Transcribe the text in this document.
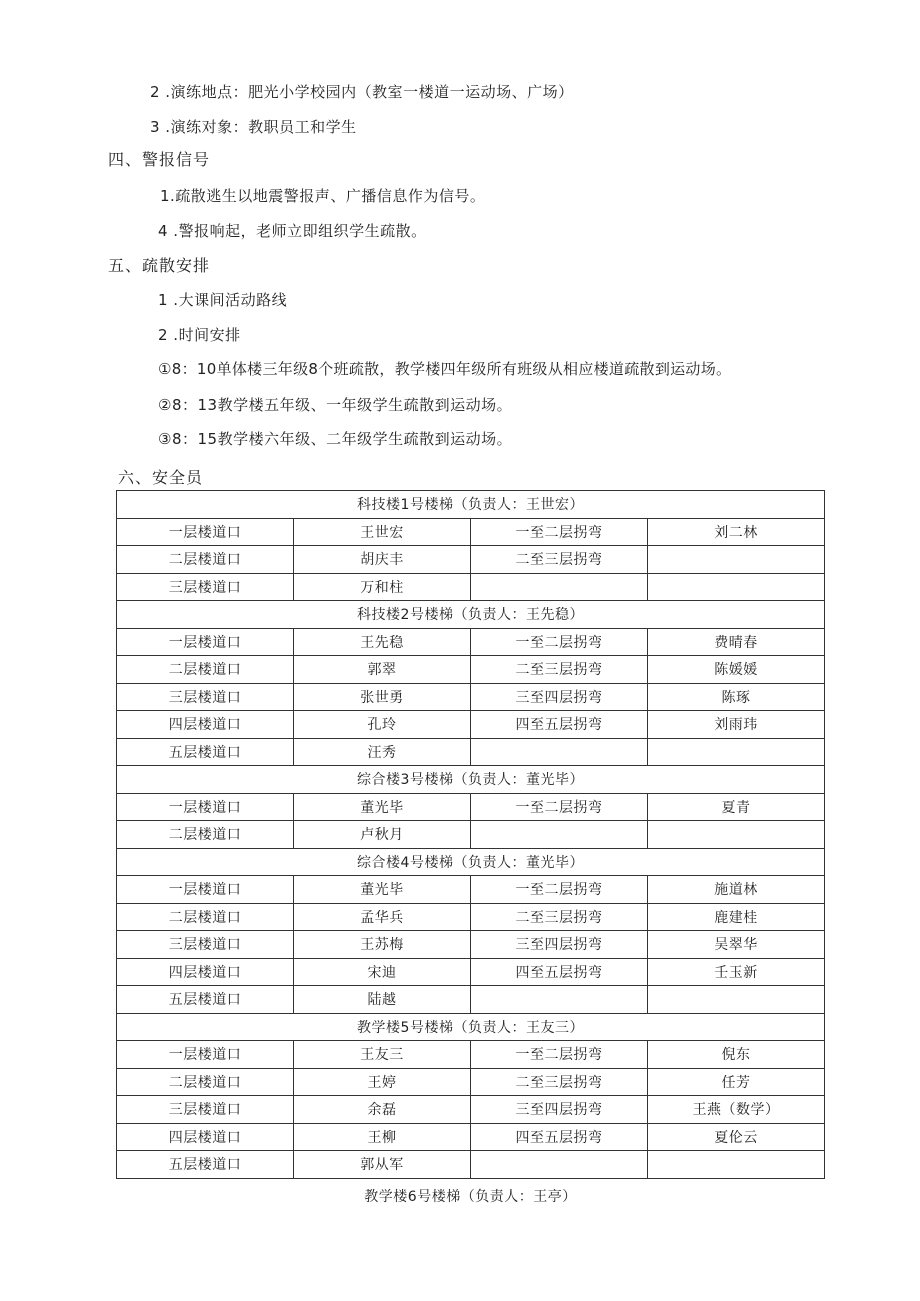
2 .演练地点：肥光小学校园内（教室一楼道一运动场、广场）
3 .演练对象：教职员工和学生
四、警报信号
1.疏散逃生以地震警报声、广播信息作为信号。
4 .警报响起，老师立即组织学生疏散。
五、疏散安排
1 .大课间活动路线
2 .时间安排
①8：10单体楼三年级8个班疏散，教学楼四年级所有班级从相应楼道疏散到运动场。
②8：13教学楼五年级、一年级学生疏散到运动场。
③8：15教学楼六年级、二年级学生疏散到运动场。
六、安全员
科技楼1号楼梯（负责人：王世宏）			
一层楼道口	王世宏	一至二层拐弯	刘二林
二层楼道口	胡庆丰	二至三层拐弯	
三层楼道口	万和柱		
科技楼2号楼梯（负责人：王先稳）			
一层楼道口	王先稳	一至二层拐弯	费晴春
二层楼道口	郭翠	二至三层拐弯	陈媛媛
三层楼道口	张世勇	三至四层拐弯	陈琢
四层楼道口	孔玲	四至五层拐弯	刘雨玮
五层楼道口	汪秀		
综合楼3号楼梯（负责人：董光毕）			
一层楼道口	董光毕	一至二层拐弯	夏青
二层楼道口	卢秋月		
综合楼4号楼梯（负责人：董光毕）			
一层楼道口	董光毕	一至二层拐弯	施道林
二层楼道口	孟华兵	二至三层拐弯	鹿建桂
三层楼道口	王苏梅	三至四层拐弯	吴翠华
四层楼道口	宋迪	四至五层拐弯	壬玉新
五层楼道口	陆越		
教学楼5号楼梯（负责人：王友三）			
一层楼道口	王友三	一至二层拐弯	倪东
二层楼道口	王婷	二至三层拐弯	任芳
三层楼道口	余磊	三至四层拐弯	王燕（数学）
四层楼道口	王柳	四至五层拐弯	夏伦云
五层楼道口	郭从军		
教学楼6号楼梯（负责人：王亭）
